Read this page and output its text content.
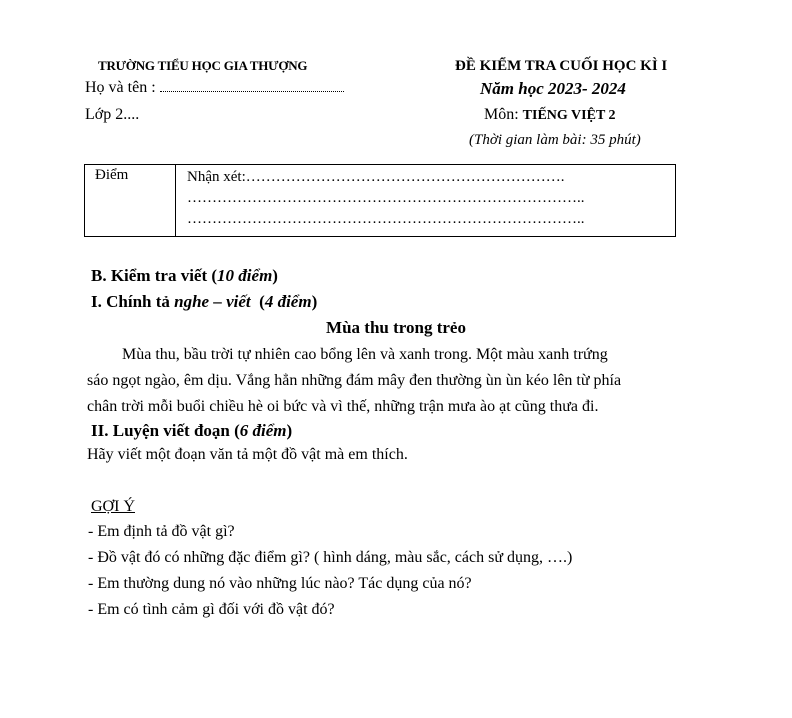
TRƯỜNG TIỂU HỌC GIA THƯỢNG
Họ và tên :
Lớp 2....
ĐỀ KIỂM TRA CUỐI HỌC KÌ I
Năm học 2023- 2024
Môn: TIẾNG VIỆT 2
(Thời gian làm bài: 35 phút)
Điểm	Nhận xét:……………………………………………………….
……………………………………………………………………..
……………………………………………………………………..
B. Kiểm tra viết (10 điểm)
I. Chính tả nghe – viết  (4 điểm)
Mùa thu trong trẻo
Mùa thu, bầu trời tự nhiên cao bổng lên và xanh trong. Một màu xanh trứng
sáo ngọt ngào, êm dịu. Vắng hẳn những đám mây đen thường ùn ùn kéo lên từ phía
chân trời mỗi buổi chiều hè oi bức và vì thế, những trận mưa ào ạt cũng thưa đi.
II. Luyện viết đoạn (6 điểm)
Hãy viết một đoạn văn tả một đồ vật mà em thích.
GỢI Ý
- Em định tả đồ vật gì?
- Đồ vật đó có những đặc điểm gì? ( hình dáng, màu sắc, cách sử dụng, ….)
- Em thường dung nó vào những lúc nào? Tác dụng của nó?
- Em có tình cảm gì đối với đồ vật đó?
